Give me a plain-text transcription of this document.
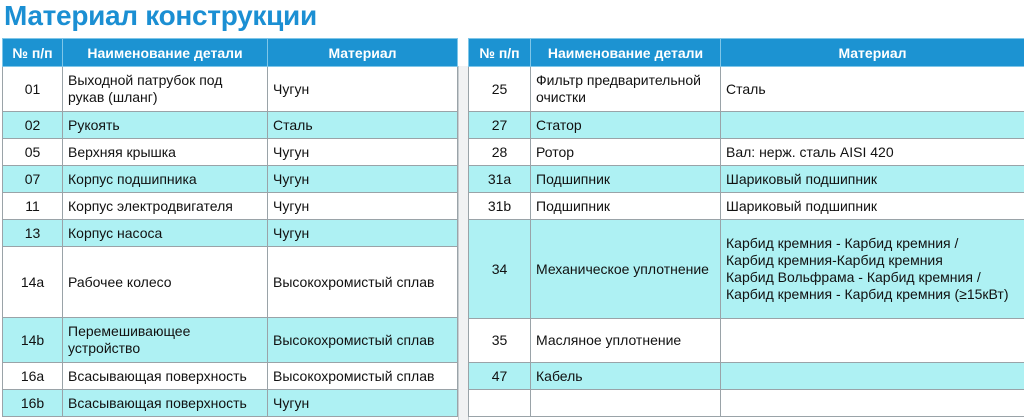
Материал конструкции
№ п/п	Наименование детали	Материал
01	Выходной патрубок под рукав (шланг)	Чугун
02	Рукоять	Сталь
05	Верхняя крышка	Чугун
07	Корпус подшипника	Чугун
11	Корпус электродвигателя	Чугун
13	Корпус насоса	Чугун
14a	Рабочее колесо	Высокохромистый сплав
14b	Перемешивающее устройство	Высокохромистый сплав
16a	Всасывающая поверхность	Высокохромистый сплав
16b	Всасывающая поверхность	Чугун
№ п/п	Наименование детали	Материал
25	Фильтр предварительной очистки	Сталь
27	Статор	
28	Ротор	Вал: нерж. сталь AISI 420
31a	Подшипник	Шариковый подшипник
31b	Подшипник	Шариковый подшипник
34	Механическое уплотнение	Карбид кремния - Карбид кремния /
Карбид кремния-Карбид кремния
Карбид Вольфрама - Карбид кремния /
Карбид кремния - Карбид кремния (≥15кВт)

35	Масляное уплотнение	
47	Кабель	
